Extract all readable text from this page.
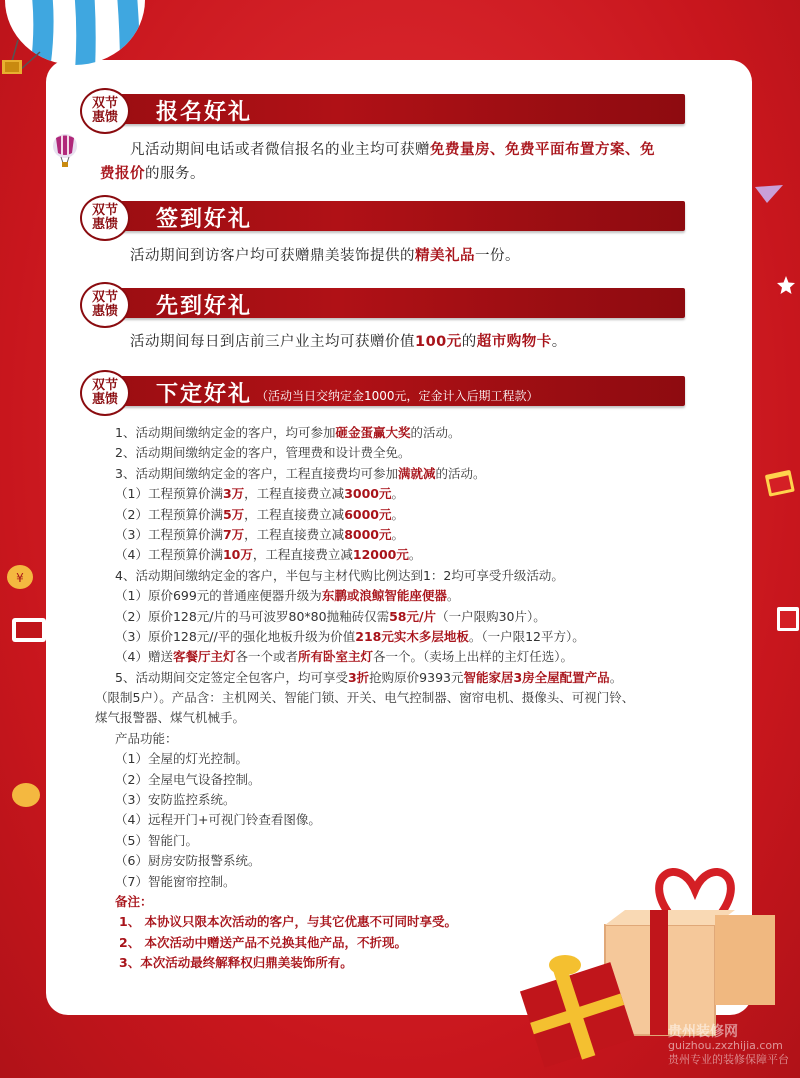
¥
双节
惠馈 报名好礼
凡活动期间电话或者微信报名的业主均可获赠免费量房、免费平面布置方案、免费报价的服务。
双节
惠馈 签到好礼
活动期间到访客户均可获赠鼎美装饰提供的精美礼品一份。
双节
惠馈 先到好礼
活动期间每日到店前三户业主均可获赠价值100元的超市购物卡。
双节
惠馈 下定好礼 （活动当日交纳定金1000元，定金计入后期工程款）
1、活动期间缴纳定金的客户，均可参加砸金蛋赢大奖的活动。
2、活动期间缴纳定金的客户，管理费和设计费全免。
3、活动期间缴纳定金的客户，工程直接费均可参加满就减的活动。
（1）工程预算价满3万，工程直接费立减3000元。
（2）工程预算价满5万，工程直接费立减6000元。
（3）工程预算价满7万，工程直接费立减8000元。
（4）工程预算价满10万，工程直接费立减12000元。
4、活动期间缴纳定金的客户，半包与主材代购比例达到1：2均可享受升级活动。
（1）原价699元的普通座便器升级为东鹏或浪鲸智能座便器。
（2）原价128元/片的马可波罗80*80抛釉砖仅需58元/片（一户限购30片）。
（3）原价128元//平的强化地板升级为价值218元实木多层地板。（一户限12平方）。
（4）赠送客餐厅主灯各一个或者所有卧室主灯各一个。（卖场上出样的主灯任选）。
5、活动期间交定签定全包客户，均可享受3折抢购原价9393元智能家居3房全屋配置产品。
（限制5户）。产品含：主机网关、智能门锁、开关、电气控制器、窗帘电机、摄像头、可视门铃、
煤气报警器、煤气机械手。
产品功能：
（1）全屋的灯光控制。
（2）全屋电气设备控制。
（3）安防监控系统。
（4）远程开门+可视门铃查看图像。
（5）智能门。
（6）厨房安防报警系统。
（7）智能窗帘控制。
备注：
1、 本协议只限本次活动的客户，与其它优惠不可同时享受。
2、 本次活动中赠送产品不兑换其他产品，不折现。
3、本次活动最终解释权归鼎美装饰所有。
贵州装修网
guizhou.zxzhijia.com
贵州专业的装修保障平台
